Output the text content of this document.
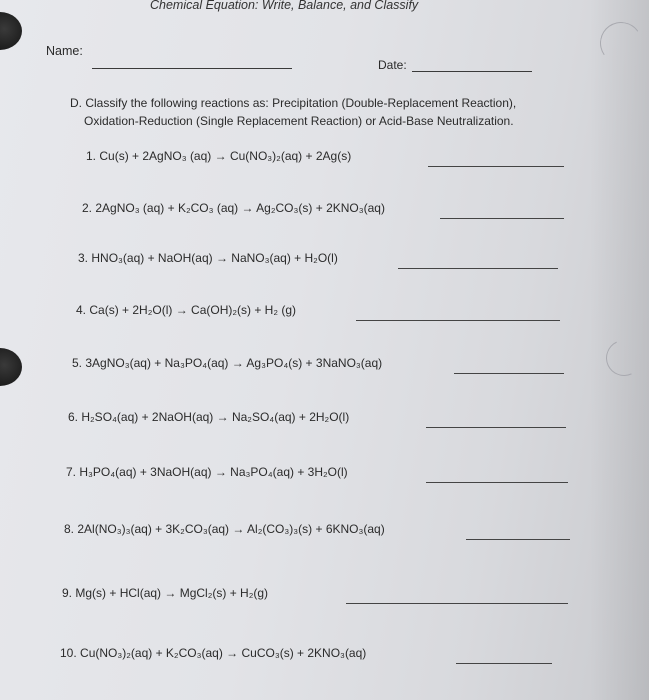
Chemical Equation: Write, Balance, and Classify
Name:
Date:
D. Classify the following reactions as: Precipitation (Double-Replacement Reaction),
Oxidation-Reduction (Single Replacement Reaction) or Acid-Base Neutralization.
1. Cu(s) + 2AgNO₃ (aq) → Cu(NO₃)₂(aq) + 2Ag(s)
2. 2AgNO₃ (aq) + K₂CO₃ (aq) → Ag₂CO₃(s) + 2KNO₃(aq)
3. HNO₃(aq) + NaOH(aq) → NaNO₃(aq) + H₂O(l)
4. Ca(s) + 2H₂O(l) → Ca(OH)₂(s) + H₂ (g)
5. 3AgNO₃(aq) + Na₃PO₄(aq) → Ag₃PO₄(s) + 3NaNO₃(aq)
6. H₂SO₄(aq) + 2NaOH(aq) → Na₂SO₄(aq) + 2H₂O(l)
7. H₃PO₄(aq) + 3NaOH(aq) → Na₃PO₄(aq) + 3H₂O(l)
8. 2Al(NO₃)₃(aq) + 3K₂CO₃(aq) → Al₂(CO₃)₃(s) + 6KNO₃(aq)
9. Mg(s) + HCl(aq) → MgCl₂(s) + H₂(g)
10. Cu(NO₃)₂(aq) + K₂CO₃(aq) → CuCO₃(s) + 2KNO₃(aq)
